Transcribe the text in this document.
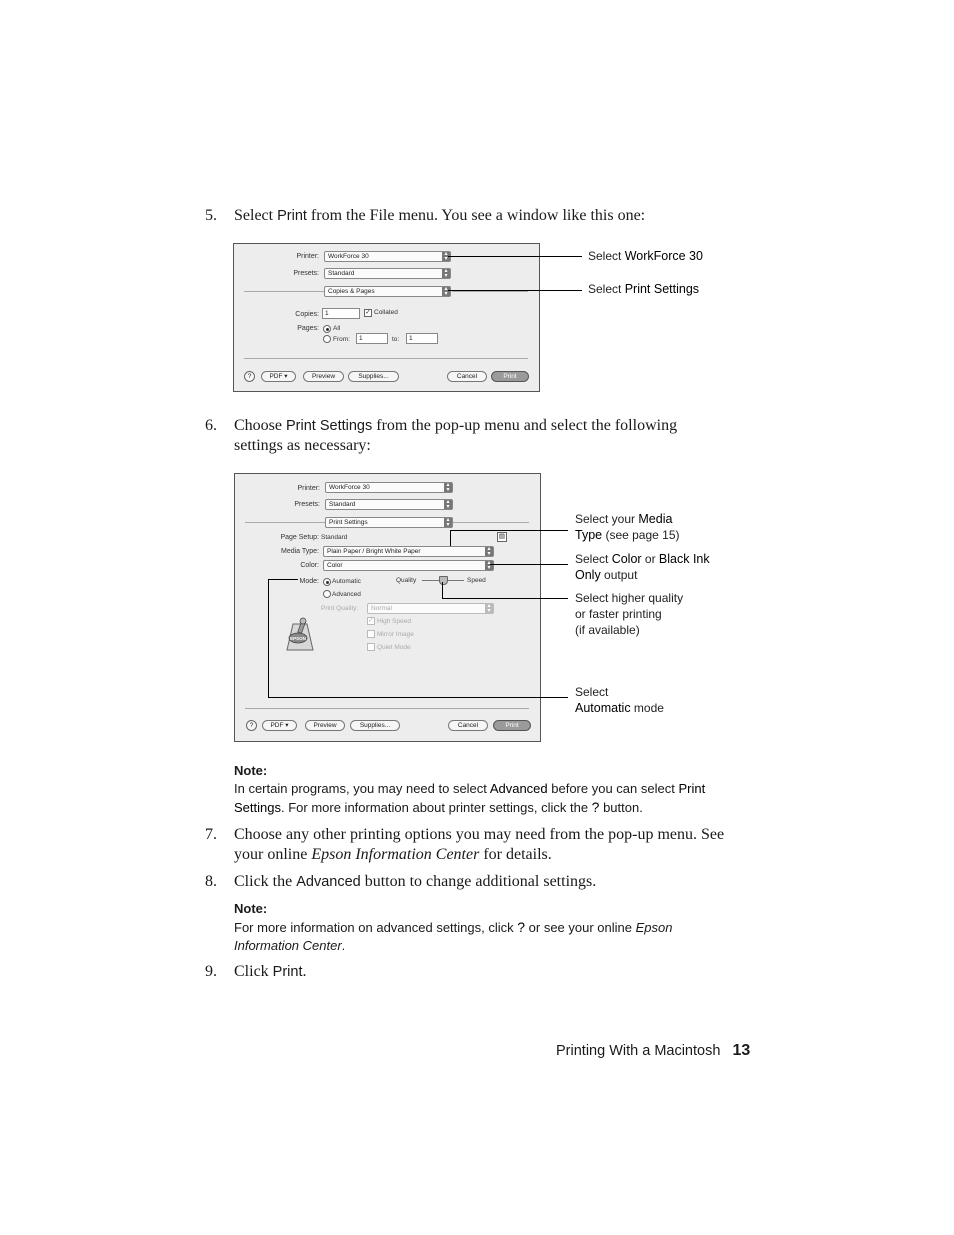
5. Select Print from the File menu. You see a window like this one:
Printer:	WorkForce 30	▴
▾
Presets:	Standard	▴
▾
Copies & Pages	▴
▾
Copies: 1	✓ Collated
Pages: All
From:	1	to:	1
?	PDF ▾	Preview	Supplies...	Cancel	Print
Select WorkForce 30
Select Print Settings
6. Choose Print Settings from the pop-up menu and select the following settings as necessary:
Printer:	WorkForce 30	▴
▾
Presets:	Standard	▴
▾
Print Settings	▴
▾
Page Setup: Standard	▤
Media Type:	Plain Paper / Bright White Paper	▴
▾
Color:	Color	▴
▾
Mode: Automatic	Quality	Speed
Advanced
Print Quality:	Normal	▴
▾
✓ High Speed
Mirror Image
Quiet Mode
EPSON
?	PDF ▾	Preview	Supplies...	Cancel	Print
Select your Media
Type (see page 15)
Select Color or Black Ink
Only output
Select higher quality
or faster printing
(if available)
Select
Automatic mode
Note:
In certain programs, you may need to select Advanced before you can select Print Settings. For more information about printer settings, click the ? button.
7. Choose any other printing options you may need from the pop-up menu. See your online Epson Information Center for details.
8. Click the Advanced button to change additional settings.
Note:
For more information on advanced settings, click ? or see your online Epson Information Center.
9. Click Print.
Printing With a Macintosh 13
